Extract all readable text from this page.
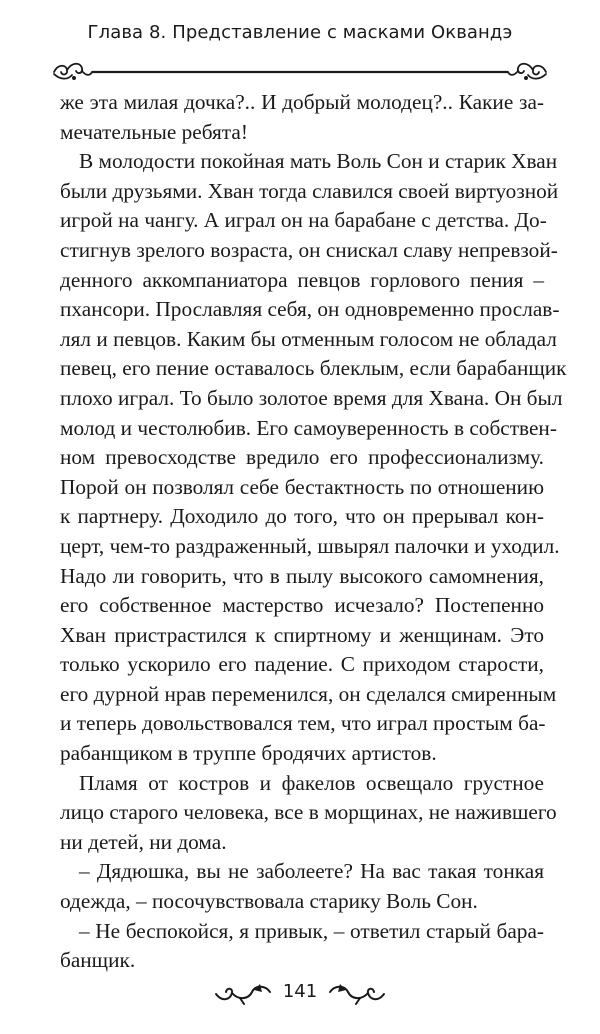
Глава 8. Представление с масками Оквандэ
же эта милая дочка?.. И добрый молодец?.. Какие за-
мечательные ребята!
В молодости покойная мать Воль Сон и старик Хван
были друзьями. Хван тогда славился своей виртуозной
игрой на чангу. А играл он на барабане с детства. До-
стигнув зрелого возраста, он снискал славу непревзой-
денного аккомпаниатора певцов горлового пения –
пхансори. Прославляя себя, он одновременно прослав-
лял и певцов. Каким бы отменным голосом не обладал
певец, его пение оставалось блеклым, если барабанщик
плохо играл. То было золотое время для Хвана. Он был
молод и честолюбив. Его самоуверенность в собствен-
ном превосходстве вредило его профессионализму.
Порой он позволял себе бестактность по отношению
к партнеру. Доходило до того, что он прерывал кон-
церт, чем-то раздраженный, швырял палочки и уходил.
Надо ли говорить, что в пылу высокого самомнения,
его собственное мастерство исчезало? Постепенно
Хван пристрастился к спиртному и женщинам. Это
только ускорило его падение. С приходом старости,
его дурной нрав переменился, он сделался смиренным
и теперь довольствовался тем, что играл простым ба-
рабанщиком в труппе бродячих артистов.
Пламя от костров и факелов освещало грустное
лицо старого человека, все в морщинах, не нажившего
ни детей, ни дома.
– Дядюшка, вы не заболеете? На вас такая тонкая
одежда, – посочувствовала старику Воль Сон.
– Не беспокойся, я привык, – ответил старый бара-
банщик.
141
